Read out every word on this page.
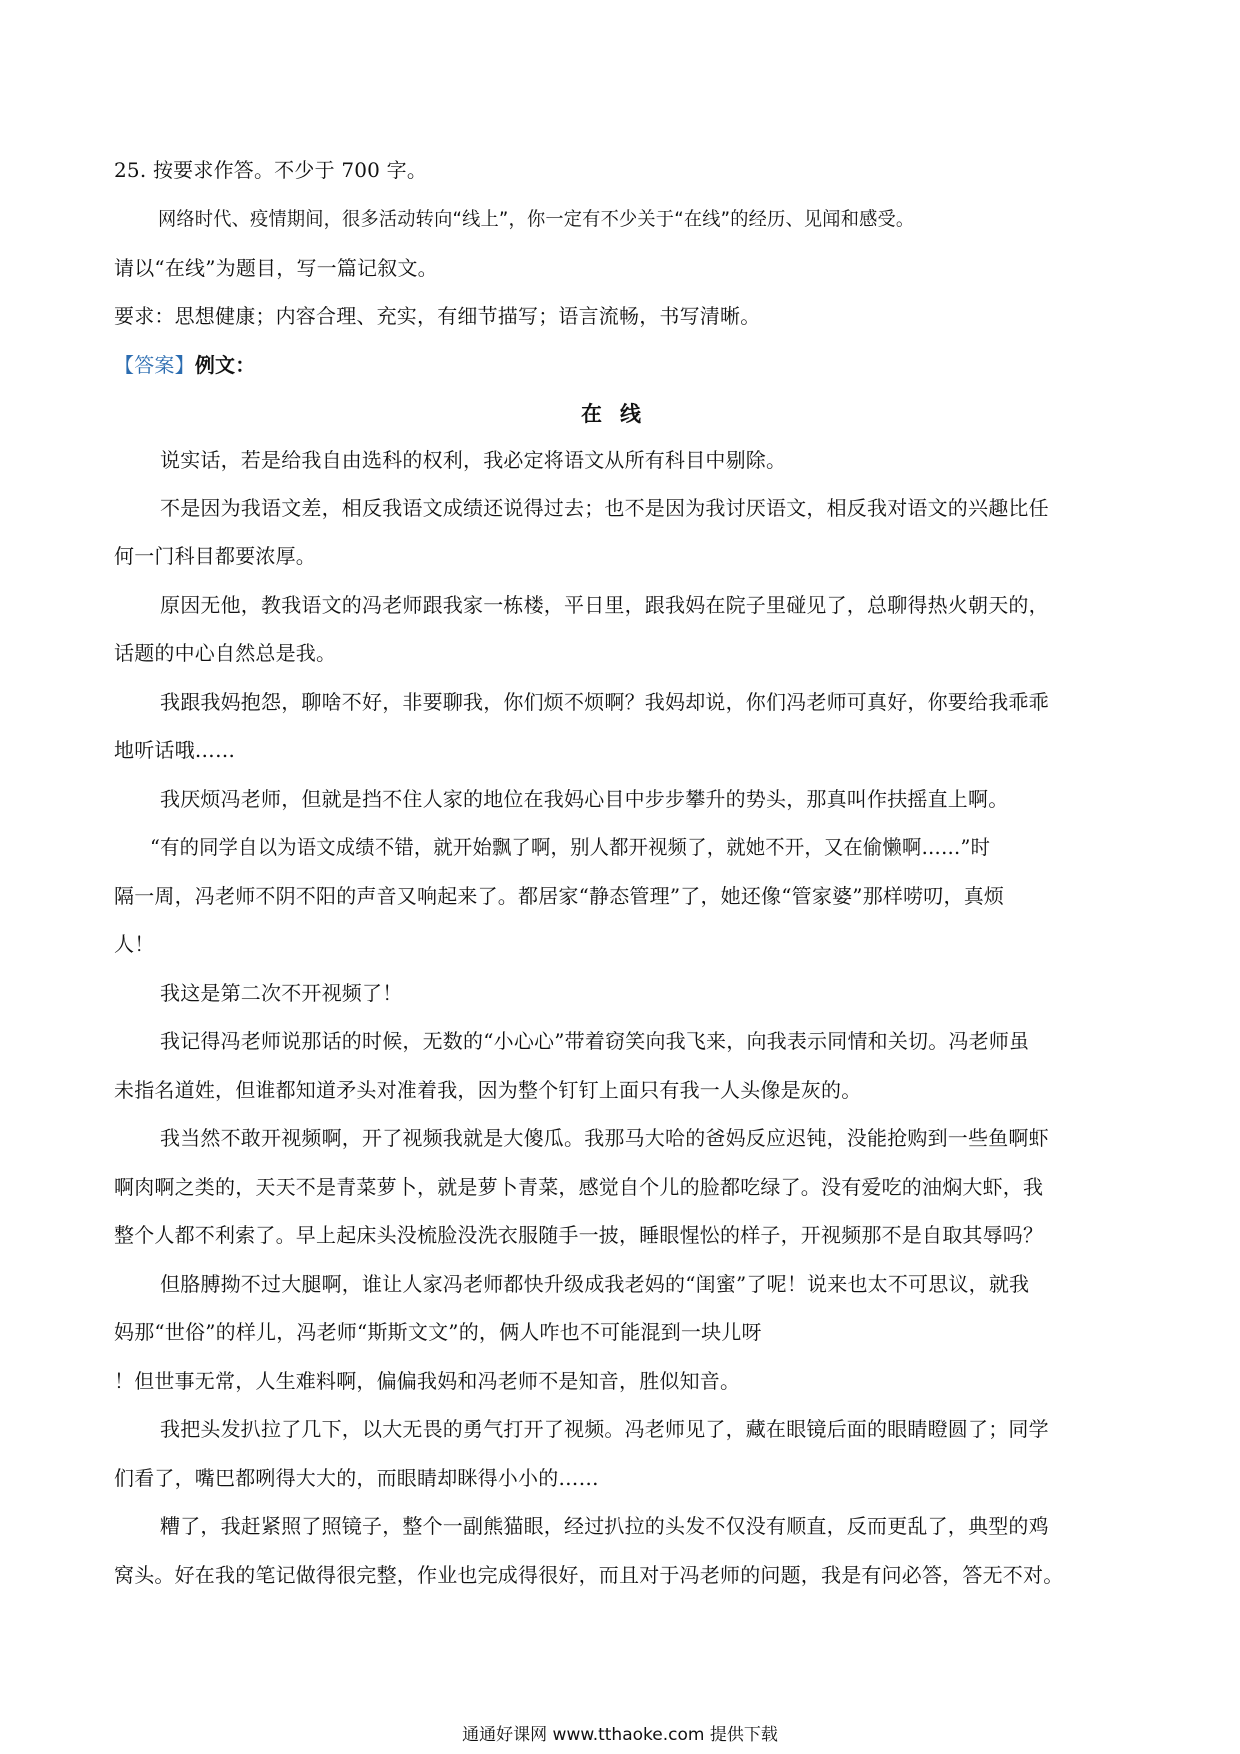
25. 按要求作答。不少于 700 字。
网络时代、疫情期间，很多活动转向“线上”，你一定有不少关于“在线”的经历、见闻和感受。
请以“在线”为题目，写一篇记叙文。
要求：思想健康；内容合理、充实，有细节描写；语言流畅，书写清晰。
【答案】例文：
在线
说实话，若是给我自由选科的权利，我必定将语文从所有科目中剔除。
不是因为我语文差，相反我语文成绩还说得过去；也不是因为我讨厌语文，相反我对语文的兴趣比任
何一门科目都要浓厚。
原因无他，教我语文的冯老师跟我家一栋楼，平日里，跟我妈在院子里碰见了，总聊得热火朝天的，
话题的中心自然总是我。
我跟我妈抱怨，聊啥不好，非要聊我，你们烦不烦啊？我妈却说，你们冯老师可真好，你要给我乖乖
地听话哦……
我厌烦冯老师，但就是挡不住人家的地位在我妈心目中步步攀升的势头，那真叫作扶摇直上啊。
“有的同学自以为语文成绩不错，就开始飘了啊，别人都开视频了，就她不开，又在偷懒啊……”时
隔一周，冯老师不阴不阳的声音又响起来了。都居家“静态管理”了，她还像“管家婆”那样唠叨，真烦
人！
我这是第二次不开视频了！
我记得冯老师说那话的时候，无数的“小心心”带着窃笑向我飞来，向我表示同情和关切。冯老师虽
未指名道姓，但谁都知道矛头对准着我，因为整个钉钉上面只有我一人头像是灰的。
我当然不敢开视频啊，开了视频我就是大傻瓜。我那马大哈的爸妈反应迟钝，没能抢购到一些鱼啊虾
啊肉啊之类的，天天不是青菜萝卜，就是萝卜青菜，感觉自个儿的脸都吃绿了。没有爱吃的油焖大虾，我
整个人都不利索了。早上起床头没梳脸没洗衣服随手一披，睡眼惺忪的样子，开视频那不是自取其辱吗？
但胳膊拗不过大腿啊，谁让人家冯老师都快升级成我老妈的“闺蜜”了呢！说来也太不可思议，就我
妈那“世俗”的样儿，冯老师“斯斯文文”的，俩人咋也不可能混到一块儿呀
！但世事无常，人生难料啊，偏偏我妈和冯老师不是知音，胜似知音。
我把头发扒拉了几下，以大无畏的勇气打开了视频。冯老师见了，藏在眼镜后面的眼睛瞪圆了；同学
们看了，嘴巴都咧得大大的，而眼睛却眯得小小的……
糟了，我赶紧照了照镜子，整个一副熊猫眼，经过扒拉的头发不仅没有顺直，反而更乱了，典型的鸡
窝头。好在我的笔记做得很完整，作业也完成得很好，而且对于冯老师的问题，我是有问必答，答无不对。
通通好课网 www.tthaoke.com 提供下载
